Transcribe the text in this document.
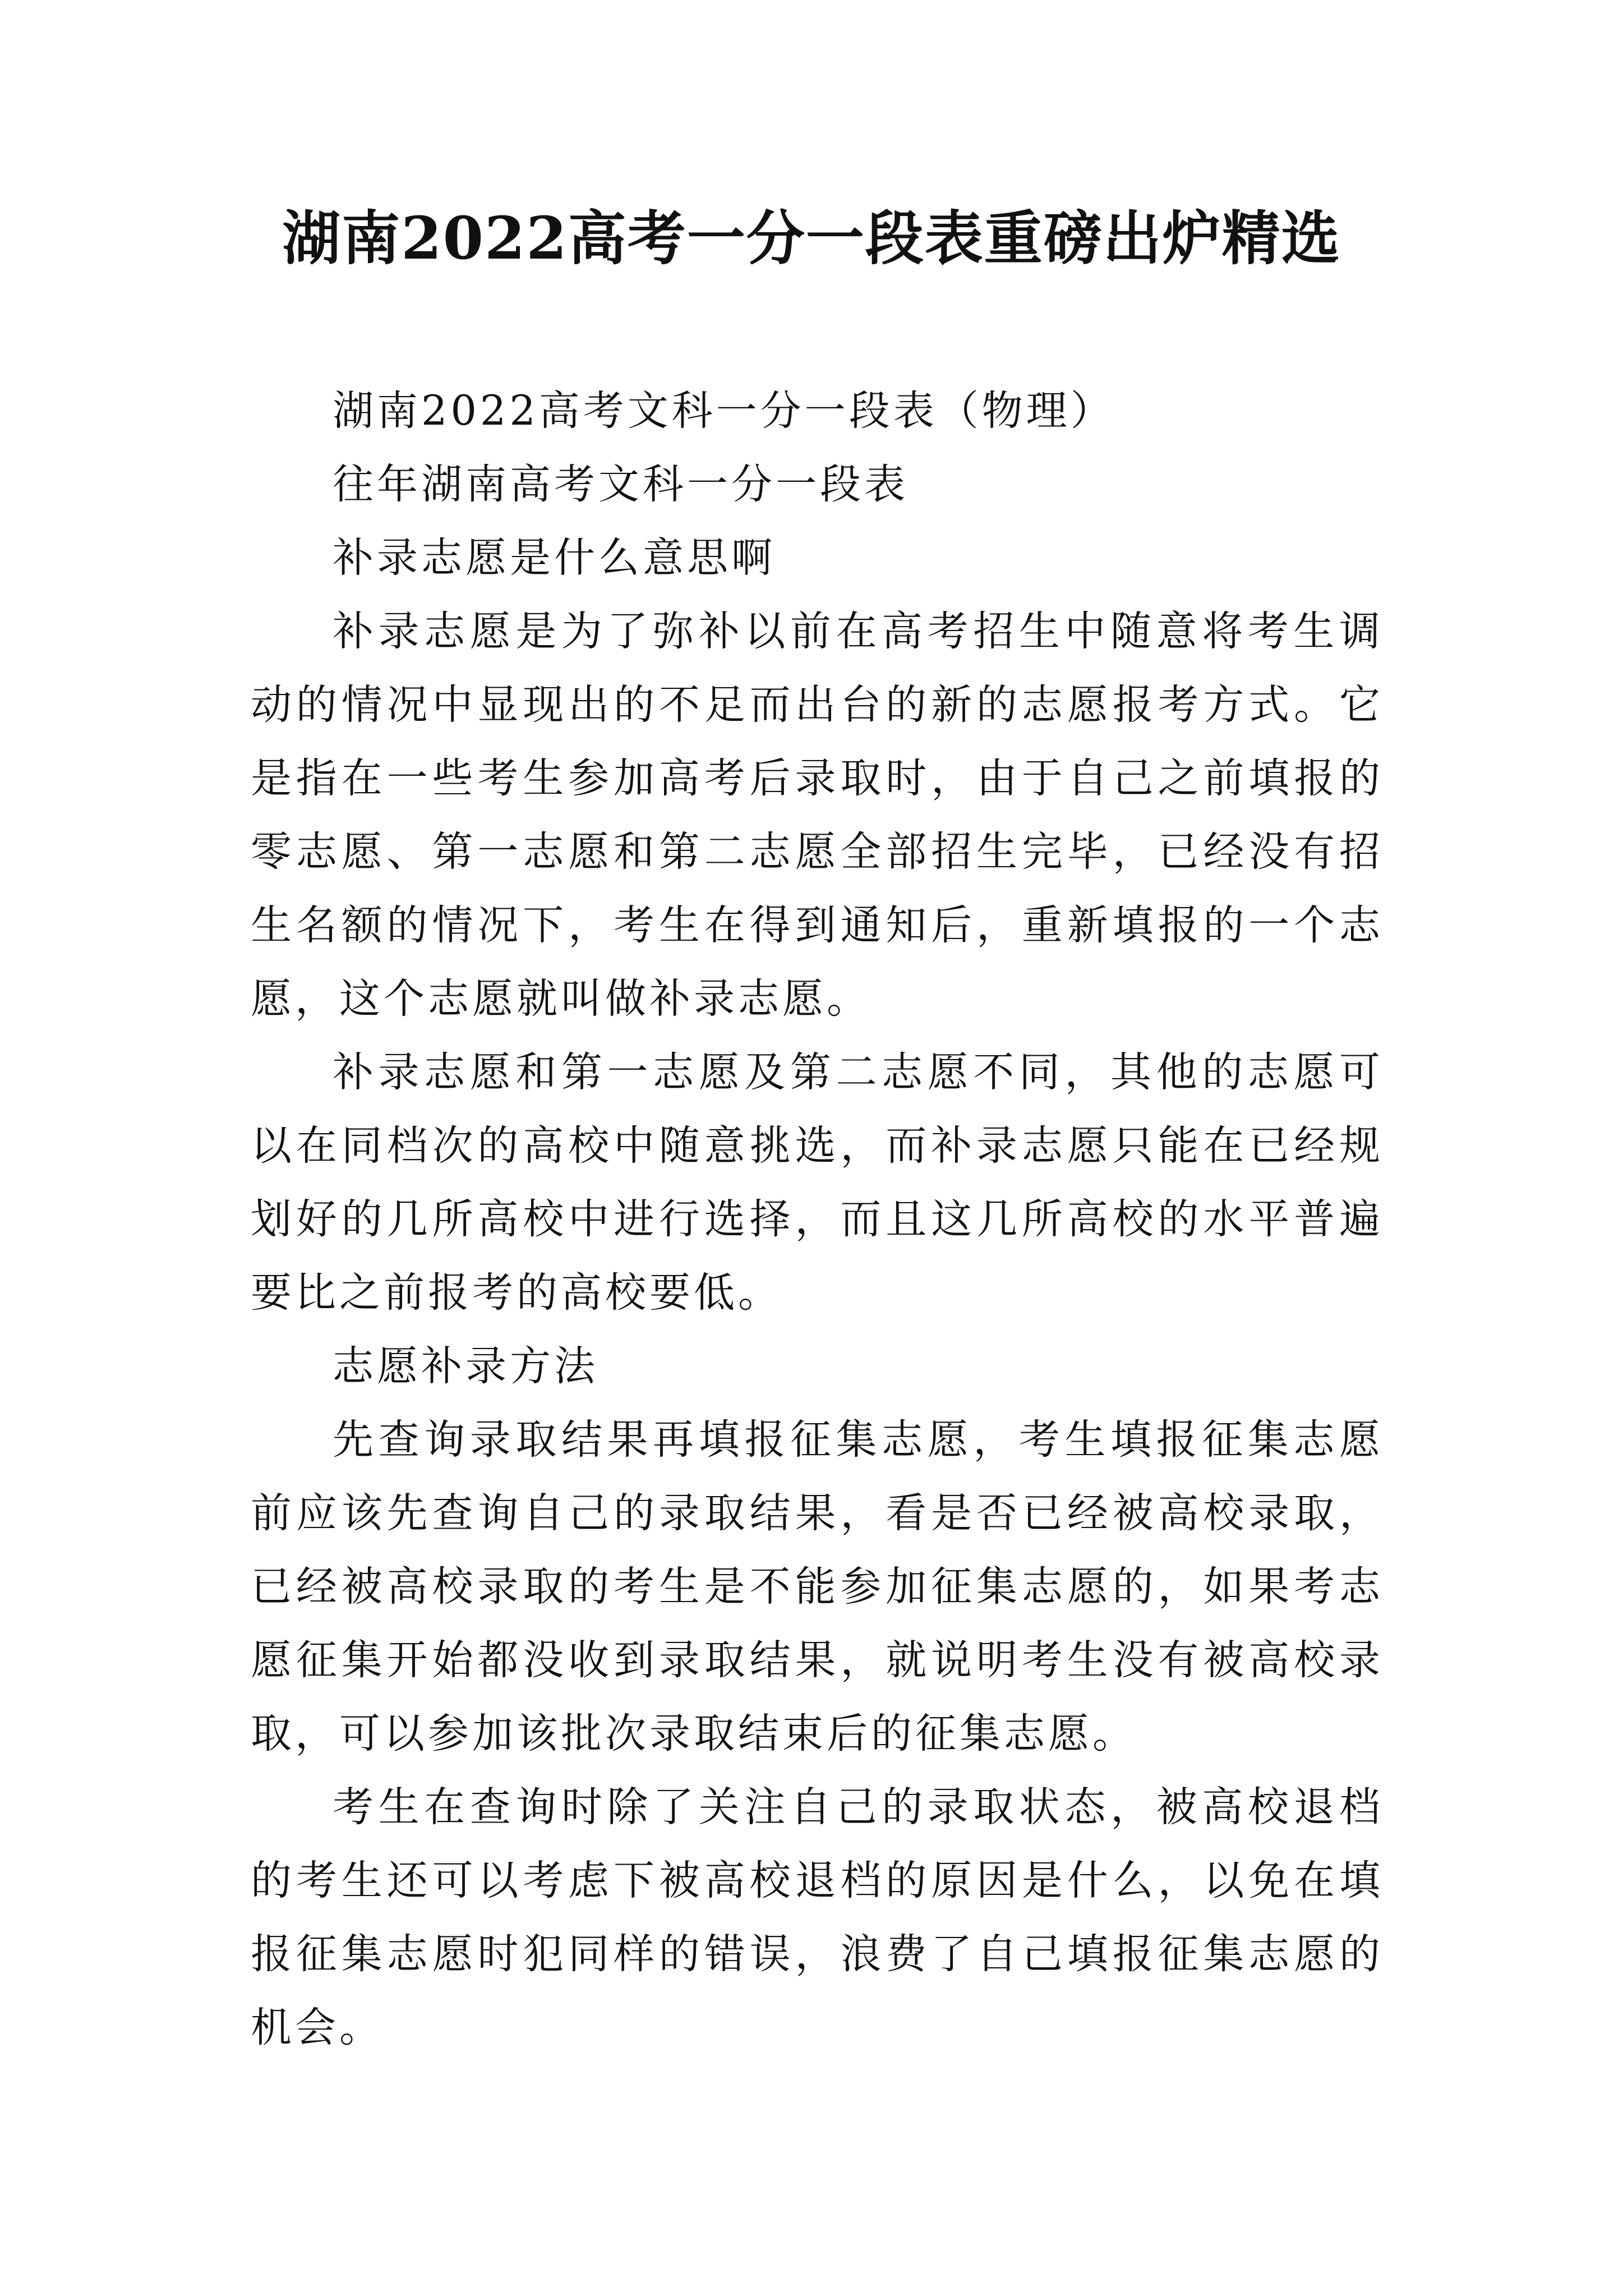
湖南2022高考一分一段表重磅出炉精选

湖南2022高考文科一分一段表（物理）

往年湖南高考文科一分一段表

补录志愿是什么意思啊

补录志愿是为了弥补以前在高考招生中随意将考生调动的情况中显现出的不足而出台的新的志愿报考方式。它是指在一些考生参加高考后录取时，由于自己之前填报的零志愿、第一志愿和第二志愿全部招生完毕，已经没有招生名额的情况下，考生在得到通知后，重新填报的一个志愿，这个志愿就叫做补录志愿。

补录志愿和第一志愿及第二志愿不同，其他的志愿可以在同档次的高校中随意挑选，而补录志愿只能在已经规划好的几所高校中进行选择，而且这几所高校的水平普遍要比之前报考的高校要低。

志愿补录方法

先查询录取结果再填报征集志愿，考生填报征集志愿前应该先查询自己的录取结果，看是否已经被高校录取，已经被高校录取的考生是不能参加征集志愿的，如果考志愿征集开始都没收到录取结果，就说明考生没有被高校录取，可以参加该批次录取结束后的征集志愿。

考生在查询时除了关注自己的录取状态，被高校退档的考生还可以考虑下被高校退档的原因是什么，以免在填报征集志愿时犯同样的错误，浪费了自己填报征集志愿的机会。
